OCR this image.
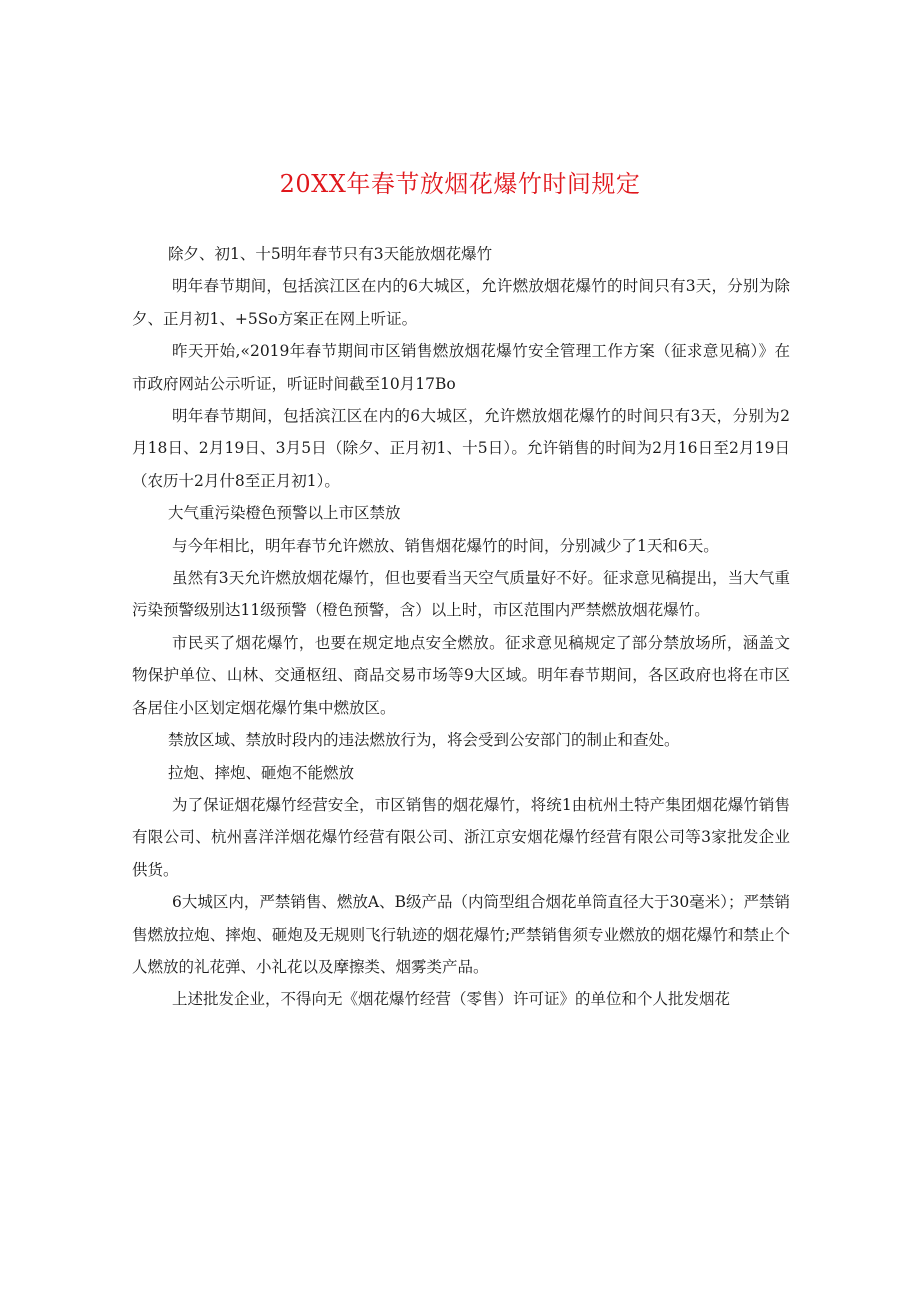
20XX年春节放烟花爆竹时间规定

除夕、初1、十5明年春节只有3天能放烟花爆竹

明年春节期间，包括滨江区在内的6大城区，允许燃放烟花爆竹的时间只有3天，分别为除夕、正月初1、+5So方案正在网上听证。

昨天开始,«2019年春节期间市区销售燃放烟花爆竹安全管理工作方案（征求意见稿）》在市政府网站公示听证，听证时间截至10月17Bo

明年春节期间，包括滨江区在内的6大城区，允许燃放烟花爆竹的时间只有3天，分别为2月18日、2月19日、3月5日（除夕、正月初1、十5日）。允许销售的时间为2月16日至2月19日（农历十2月什8至正月初1）。

大气重污染橙色预警以上市区禁放

与今年相比，明年春节允许燃放、销售烟花爆竹的时间，分别减少了1天和6天。

虽然有3天允许燃放烟花爆竹，但也要看当天空气质量好不好。征求意见稿提出，当大气重污染预警级别达11级预警（橙色预警，含）以上时，市区范围内严禁燃放烟花爆竹。

市民买了烟花爆竹，也要在规定地点安全燃放。征求意见稿规定了部分禁放场所，涵盖文物保护单位、山林、交通枢纽、商品交易市场等9大区域。明年春节期间，各区政府也将在市区各居住小区划定烟花爆竹集中燃放区。

禁放区域、禁放时段内的违法燃放行为，将会受到公安部门的制止和查处。

拉炮、摔炮、砸炮不能燃放

为了保证烟花爆竹经营安全，市区销售的烟花爆竹，将统1由杭州土特产集团烟花爆竹销售有限公司、杭州喜洋洋烟花爆竹经营有限公司、浙江京安烟花爆竹经营有限公司等3家批发企业供货。

6大城区内，严禁销售、燃放A、B级产品（内筒型组合烟花单筒直径大于30毫米）；严禁销售燃放拉炮、摔炮、砸炮及无规则飞行轨迹的烟花爆竹;严禁销售须专业燃放的烟花爆竹和禁止个人燃放的礼花弹、小礼花以及摩擦类、烟雾类产品。

上述批发企业，不得向无《烟花爆竹经营（零售）许可证》的单位和个人批发烟花
